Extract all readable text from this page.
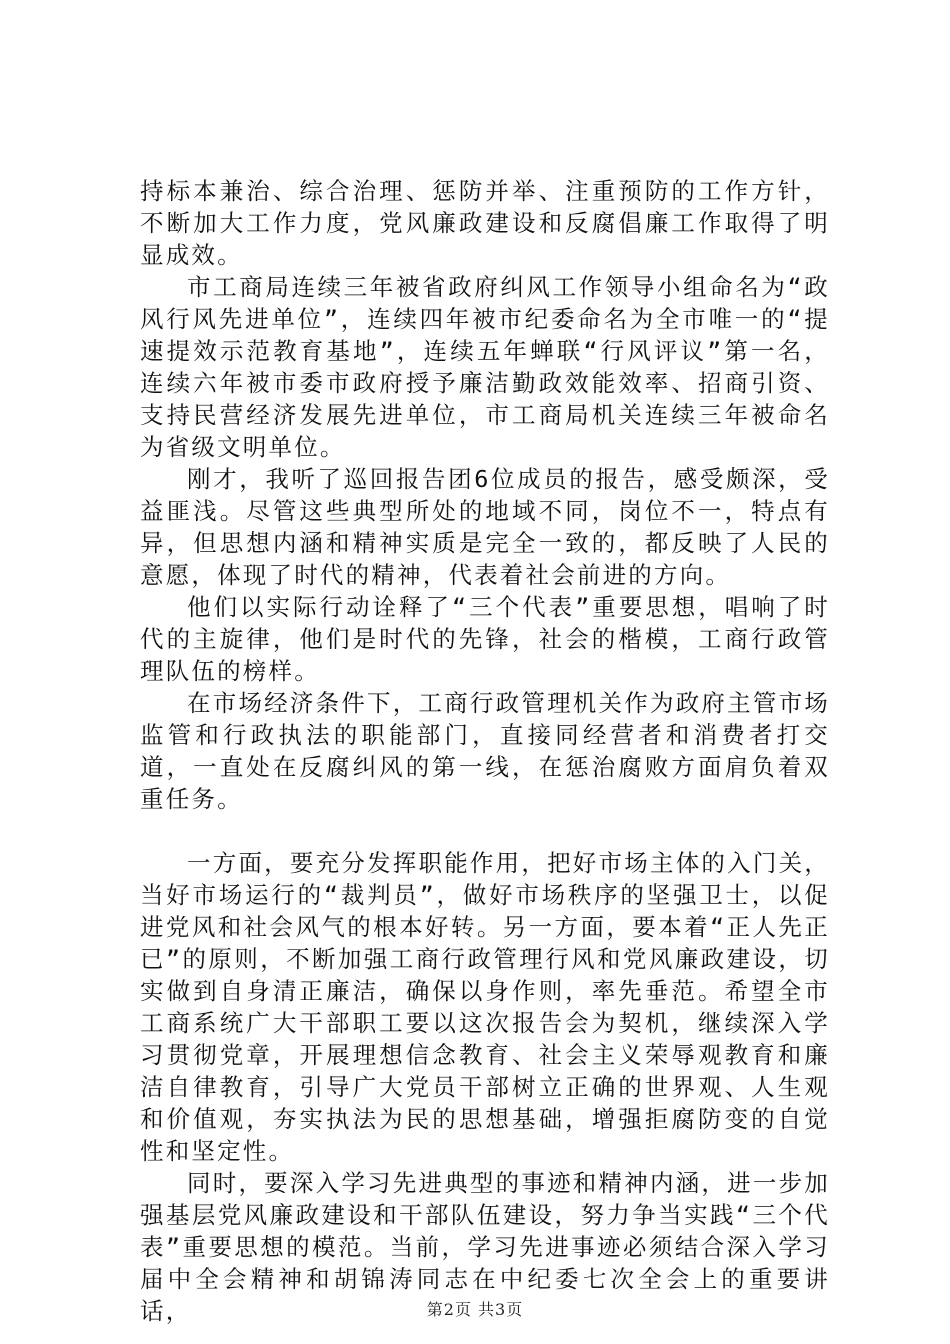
持标本兼治、综合治理、惩防并举、注重预防的工作方针，不断加大工作力度，党风廉政建设和反腐倡廉工作取得了明显成效。

市工商局连续三年被省政府纠风工作领导小组命名为“政风行风先进单位”，连续四年被市纪委命名为全市唯一的“提速提效示范教育基地”，连续五年蝉联“行风评议”第一名，连续六年被市委市政府授予廉洁勤政效能效率、招商引资、支持民营经济发展先进单位，市工商局机关连续三年被命名为省级文明单位。

刚才，我听了巡回报告团6位成员的报告，感受颇深，受益匪浅。尽管这些典型所处的地域不同，岗位不一，特点有异，但思想内涵和精神实质是完全一致的，都反映了人民的意愿，体现了时代的精神，代表着社会前进的方向。

他们以实际行动诠释了“三个代表”重要思想，唱响了时代的主旋律，他们是时代的先锋，社会的楷模，工商行政管理队伍的榜样。

在市场经济条件下，工商行政管理机关作为政府主管市场监管和行政执法的职能部门，直接同经营者和消费者打交道，一直处在反腐纠风的第一线，在惩治腐败方面肩负着双重任务。

一方面，要充分发挥职能作用，把好市场主体的入门关，当好市场运行的“裁判员”，做好市场秩序的坚强卫士，以促进党风和社会风气的根本好转。另一方面，要本着“正人先正已”的原则，不断加强工商行政管理行风和党风廉政建设，切实做到自身清正廉洁，确保以身作则，率先垂范。希望全市工商系统广大干部职工要以这次报告会为契机，继续深入学习贯彻党章，开展理想信念教育、社会主义荣辱观教育和廉洁自律教育，引导广大党员干部树立正确的世界观、人生观和价值观，夯实执法为民的思想基础，增强拒腐防变的自觉性和坚定性。

同时，要深入学习先进典型的事迹和精神内涵，进一步加强基层党风廉政建设和干部队伍建设，努力争当实践“三个代表”重要思想的模范。当前，学习先进事迹必须结合深入学习届中全会精神和胡锦涛同志在中纪委七次全会上的重要讲话，	第2页 共3页
